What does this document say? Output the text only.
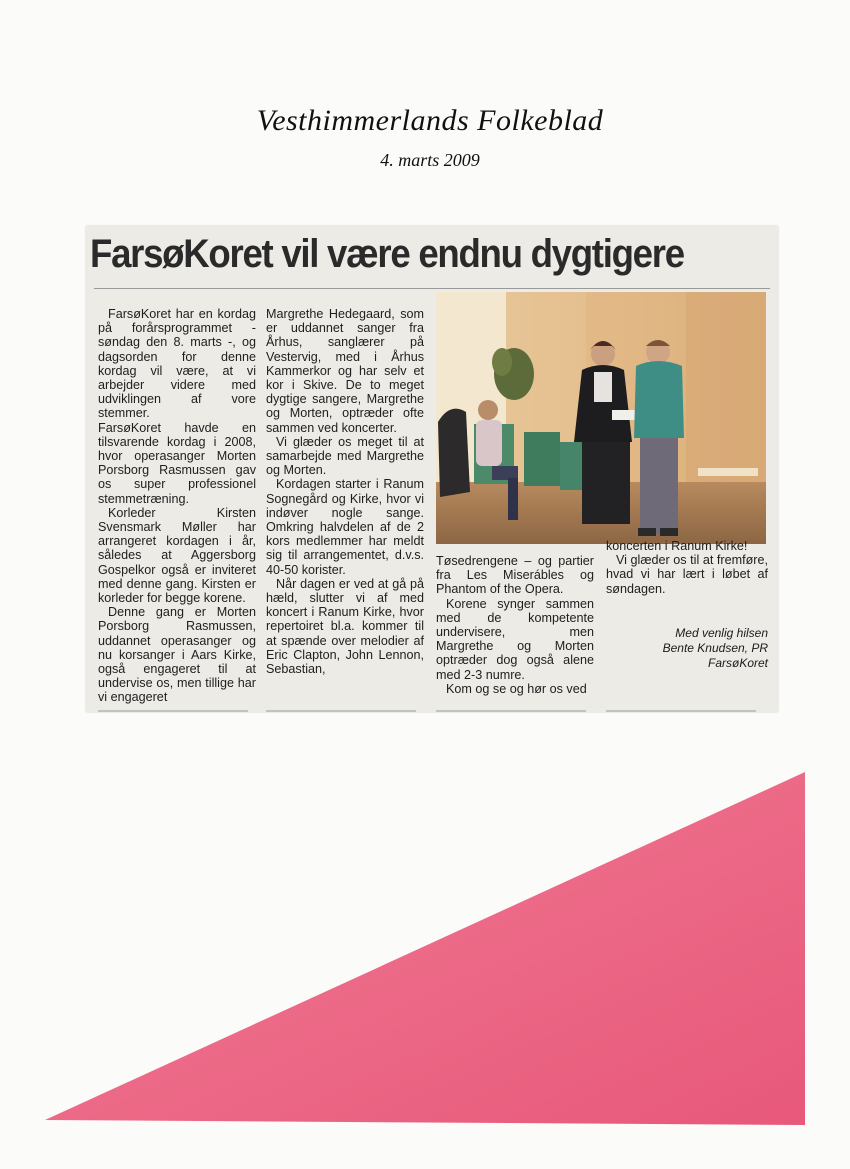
Vesthimmerlands Folkeblad
4. marts 2009
FarsøKoret vil være endnu dygtigere

FarsøKoret har en kordag på forårsprogrammet - søndag den 8. marts -, og dagsorden for denne kordag vil være, at vi arbejder videre med udviklingen af vore stemmer.

FarsøKoret havde en tilsvarende kordag i 2008, hvor operasanger Morten Porsborg Rasmussen gav os super professionel stemmetræning.

Korleder Kirsten Svensmark Møller har arrangeret kordagen i år, således at Aggersborg Gospelkor også er inviteret med denne gang. Kirsten er korleder for begge korene.

Denne gang er Morten Porsborg Rasmussen, uddannet operasanger og nu korsanger i Aars Kirke, også engageret til at undervise os, men tillige har vi engageret

Margrethe Hedegaard, som er uddannet sanger fra Århus, sanglærer på Vestervig, med i Århus Kammerkor og har selv et kor i Skive. De to meget dygtige sangere, Margrethe og Morten, optræder ofte sammen ved koncerter.

Vi glæder os meget til at samarbejde med Margrethe og Morten.

Kordagen starter i Ranum Sognegård og Kirke, hvor vi indøver nogle sange. Omkring halvdelen af de 2 kors medlemmer har meldt sig til arrangementet, d.v.s. 40-50 korister.

Når dagen er ved at gå på hæld, slutter vi af med koncert i Ranum Kirke, hvor repertoiret bl.a. kommer til at spænde over melodier af Eric Clapton, John Lennon, Sebastian,

Tøsedrengene – og partier fra Les Miserábles og Phantom of the Opera.

Korene synger sammen med de kompetente undervisere, men Margrethe og Morten optræder dog også alene med 2-3 numre.

Kom og se og hør os ved

koncerten i Ranum Kirke!

Vi glæder os til at fremføre, hvad vi har lært i løbet af søndagen.

Med venlig hilsen
Bente Knudsen, PR
FarsøKoret
